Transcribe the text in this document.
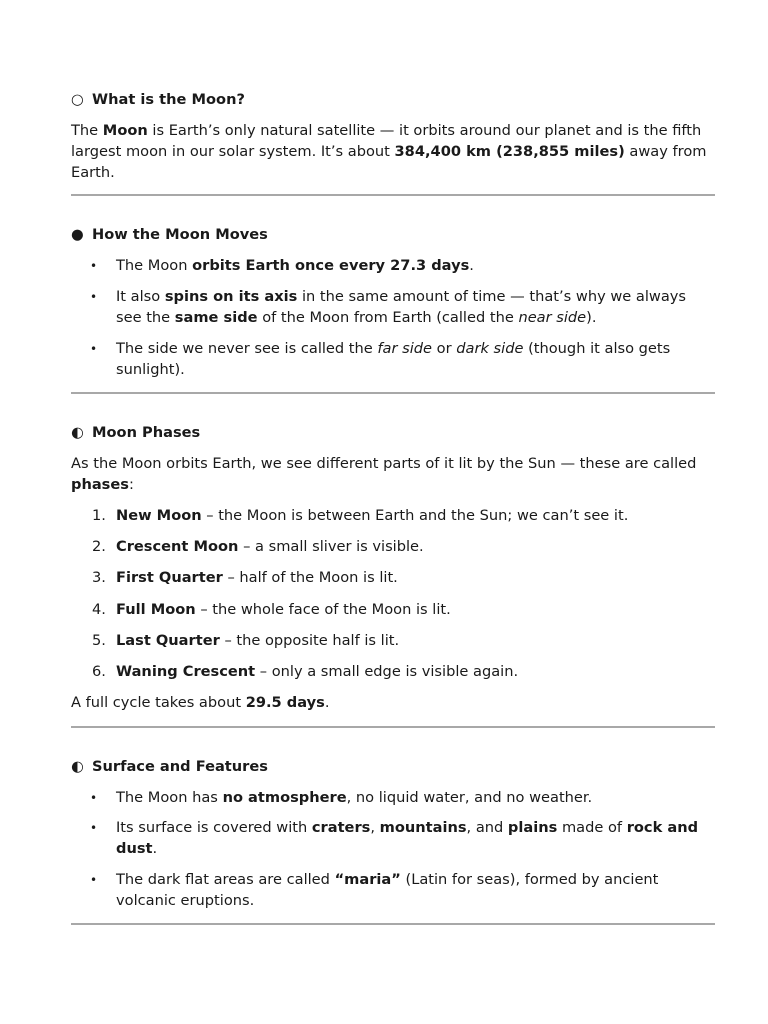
○ What is the Moon?

The Moon is Earth’s only natural satellite — it orbits around our planet and is the fifth largest moon in our solar system. It’s about 384,400 km (238,855 miles) away from Earth.

● How the Moon Moves
• The Moon orbits Earth once every 27.3 days.
• It also spins on its axis in the same amount of time — that’s why we always see the same side of the Moon from Earth (called the near side).
• The side we never see is called the far side or dark side (though it also gets sunlight).
◐ Moon Phases

As the Moon orbits Earth, we see different parts of it lit by the Sun — these are called phases:

1. New Moon – the Moon is between Earth and the Sun; we can’t see it.
2. Crescent Moon – a small sliver is visible.
3. First Quarter – half of the Moon is lit.
4. Full Moon – the whole face of the Moon is lit.
5. Last Quarter – the opposite half is lit.
6. Waning Crescent – only a small edge is visible again.

A full cycle takes about 29.5 days.

◐ Surface and Features
• The Moon has no atmosphere, no liquid water, and no weather.
• Its surface is covered with craters, mountains, and plains made of rock and dust.
• The dark flat areas are called “maria” (Latin for seas), formed by ancient volcanic eruptions.
